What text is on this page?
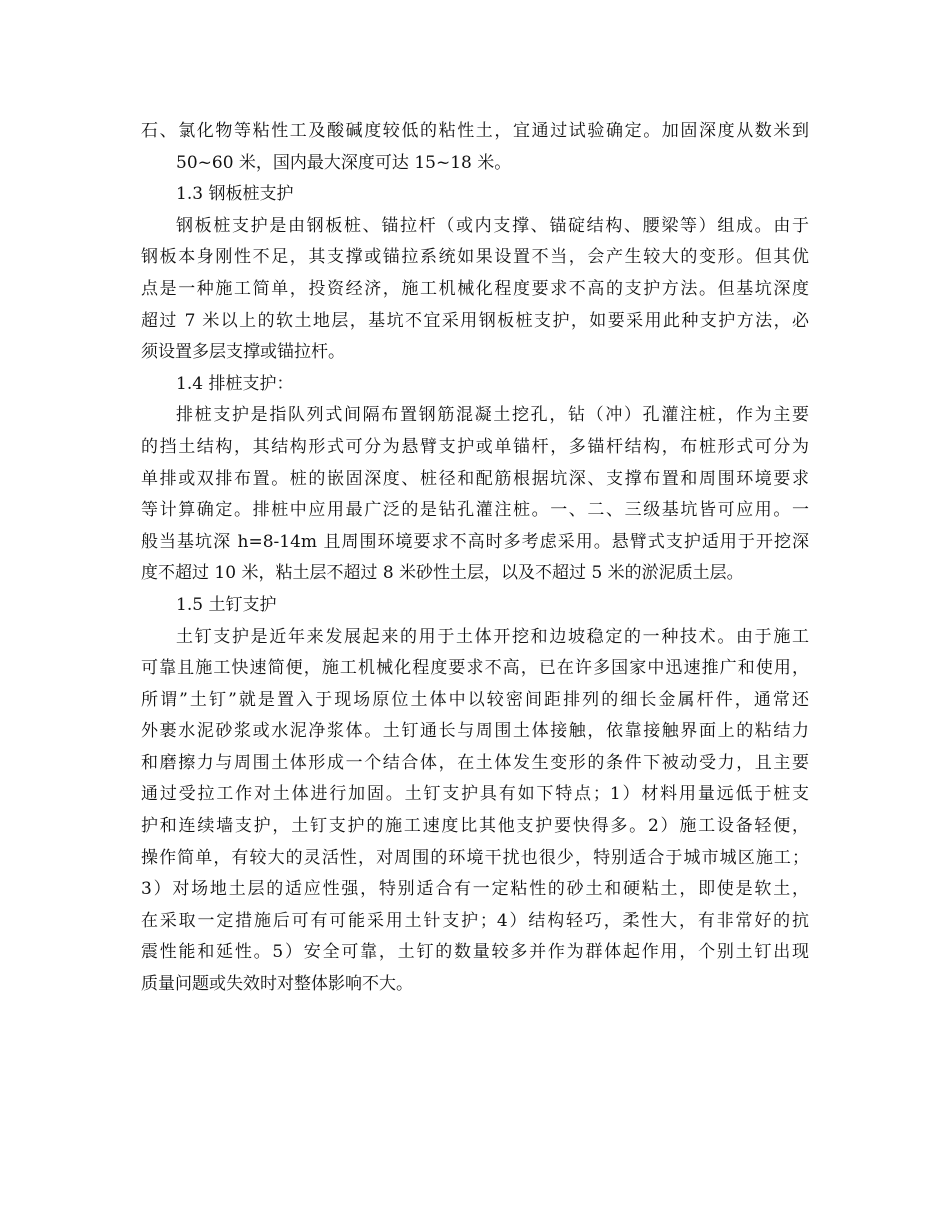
石、氯化物等粘性工及酸碱度较低的粘性土，宜通过试验确定。加固深度从数米到
50~60 米，国内最大深度可达 15~18 米。
1.3 钢板桩支护
钢板桩支护是由钢板桩、锚拉杆（或内支撑、锚碇结构、腰梁等）组成。由于
钢板本身刚性不足，其支撑或锚拉系统如果设置不当，会产生较大的变形。但其优
点是一种施工简单，投资经济，施工机械化程度要求不高的支护方法。但基坑深度
超过 7 米以上的软土地层，基坑不宜采用钢板桩支护，如要采用此种支护方法，必
须设置多层支撑或锚拉杆。
1.4 排桩支护：
排桩支护是指队列式间隔布置钢筋混凝土挖孔，钻（冲）孔灌注桩，作为主要
的挡土结构，其结构形式可分为悬臂支护或单锚杆，多锚杆结构，布桩形式可分为
单排或双排布置。桩的嵌固深度、桩径和配筋根据坑深、支撑布置和周围环境要求
等计算确定。排桩中应用最广泛的是钻孔灌注桩。一、二、三级基坑皆可应用。一
般当基坑深 h=8-14m 且周围环境要求不高时多考虑采用。悬臂式支护适用于开挖深
度不超过 10 米，粘土层不超过 8 米砂性土层，以及不超过 5 米的淤泥质土层。
1.5 土钉支护
土钉支护是近年来发展起来的用于土体开挖和边坡稳定的一种技术。由于施工
可靠且施工快速简便，施工机械化程度要求不高，已在许多国家中迅速推广和使用，
所谓”土钉”就是置入于现场原位土体中以较密间距排列的细长金属杆件，通常还
外裹水泥砂浆或水泥净浆体。土钉通长与周围土体接触，依靠接触界面上的粘结力
和磨擦力与周围土体形成一个结合体，在土体发生变形的条件下被动受力，且主要
通过受拉工作对土体进行加固。土钉支护具有如下特点；1）材料用量远低于桩支
护和连续墙支护，土钉支护的施工速度比其他支护要快得多。2）施工设备轻便，
操作简单，有较大的灵活性，对周围的环境干扰也很少，特别适合于城市城区施工；
3）对场地土层的适应性强，特别适合有一定粘性的砂土和硬粘土，即使是软土，
在采取一定措施后可有可能采用土针支护；4）结构轻巧，柔性大，有非常好的抗
震性能和延性。5）安全可靠，土钉的数量较多并作为群体起作用，个别土钉出现
质量问题或失效时对整体影响不大。
